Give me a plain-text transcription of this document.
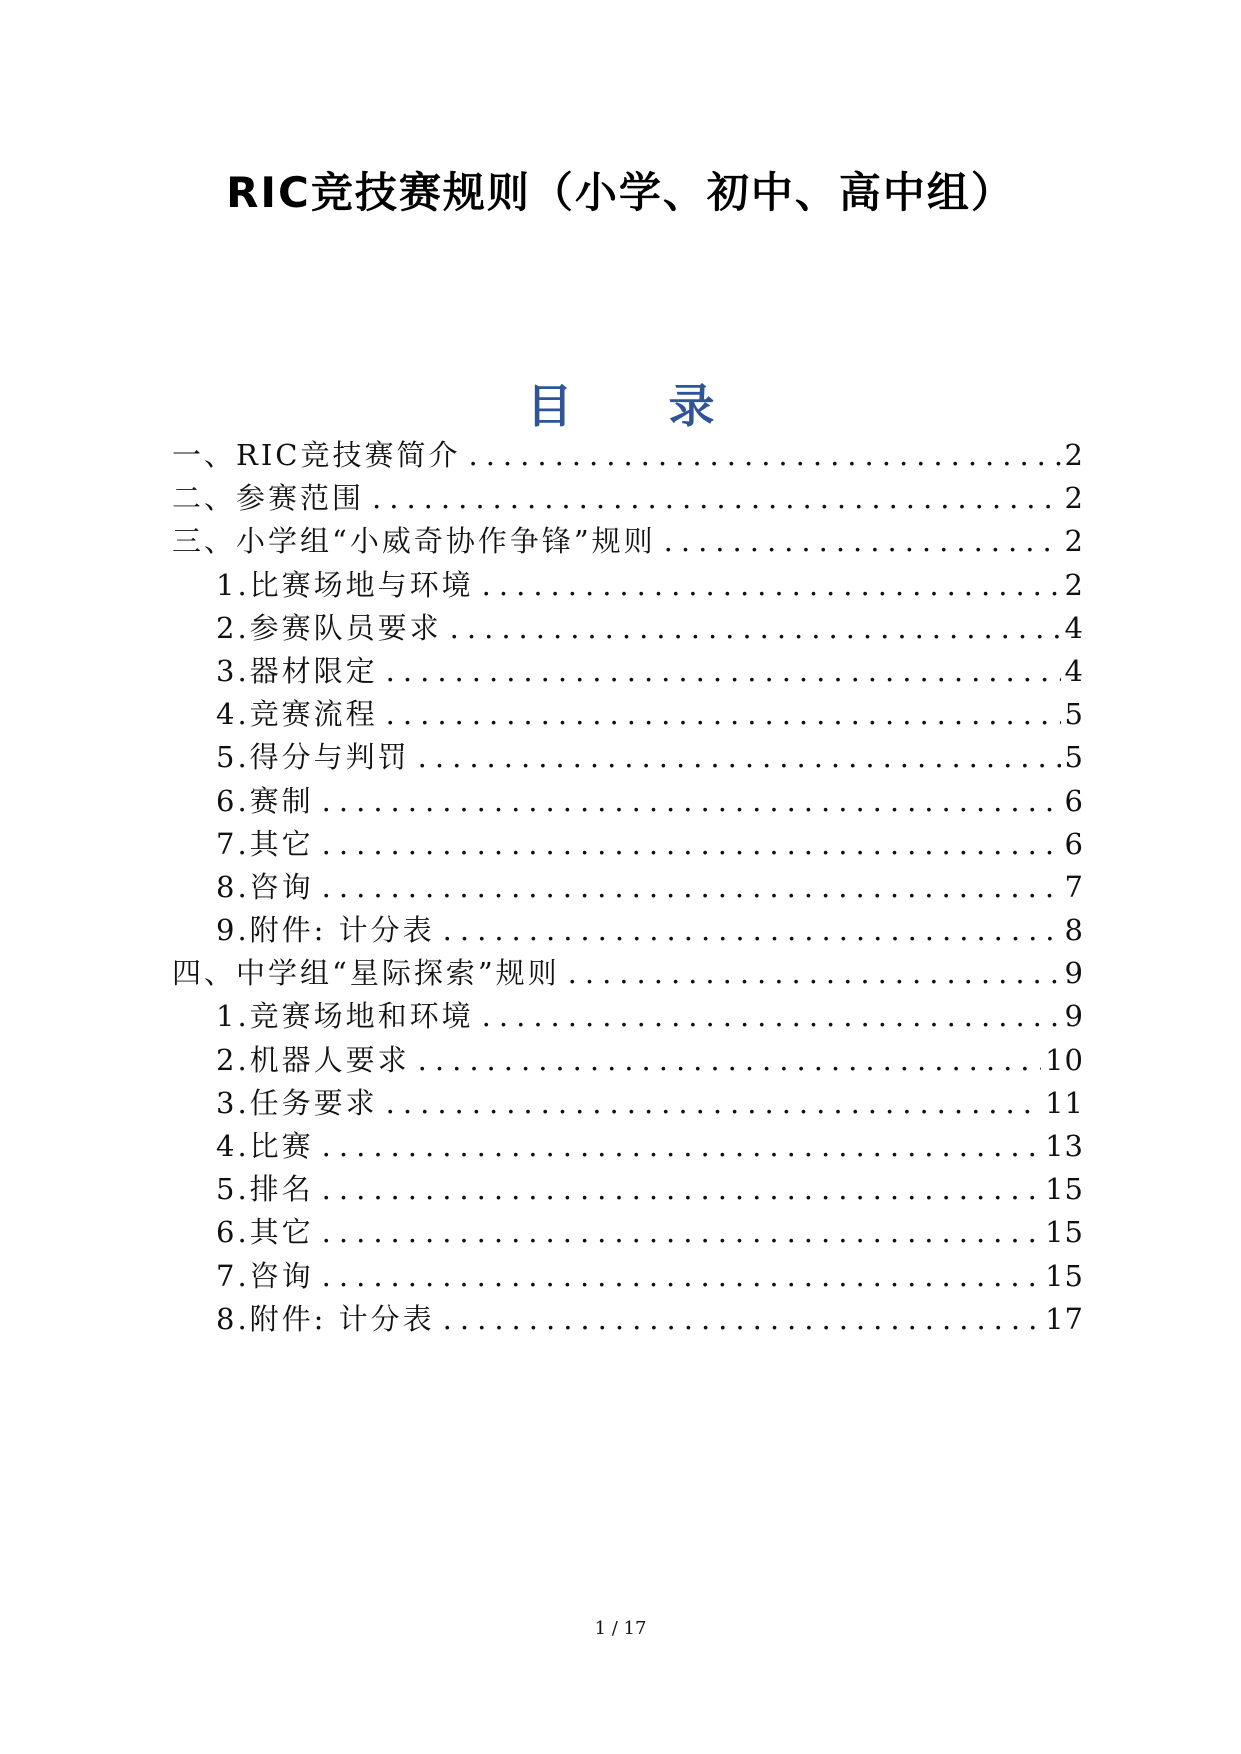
RIC竞技赛规则（小学、初中、高中组）
目 录
一、RIC竞技赛简介 .....	2
二、参赛范围 .....	2
三、小学组“小威奇协作争锋”规则 .....	2
1.比赛场地与环境 .....	2
2.参赛队员要求 .....	4
3.器材限定 .....	4
4.竞赛流程 .....	5
5.得分与判罚 .....	5
6.赛制 .....	6
7.其它 .....	6
8.咨询 .....	7
9.附件: 计分表 .....	8
四、中学组“星际探索”规则 .....	9
1.竞赛场地和环境 .....	9
2.机器人要求 .....	10
3.任务要求 .....	11
4.比赛 .....	13
5.排名 .....	15
6.其它 .....	15
7.咨询 .....	15
8.附件: 计分表 .....	17
1 / 17
